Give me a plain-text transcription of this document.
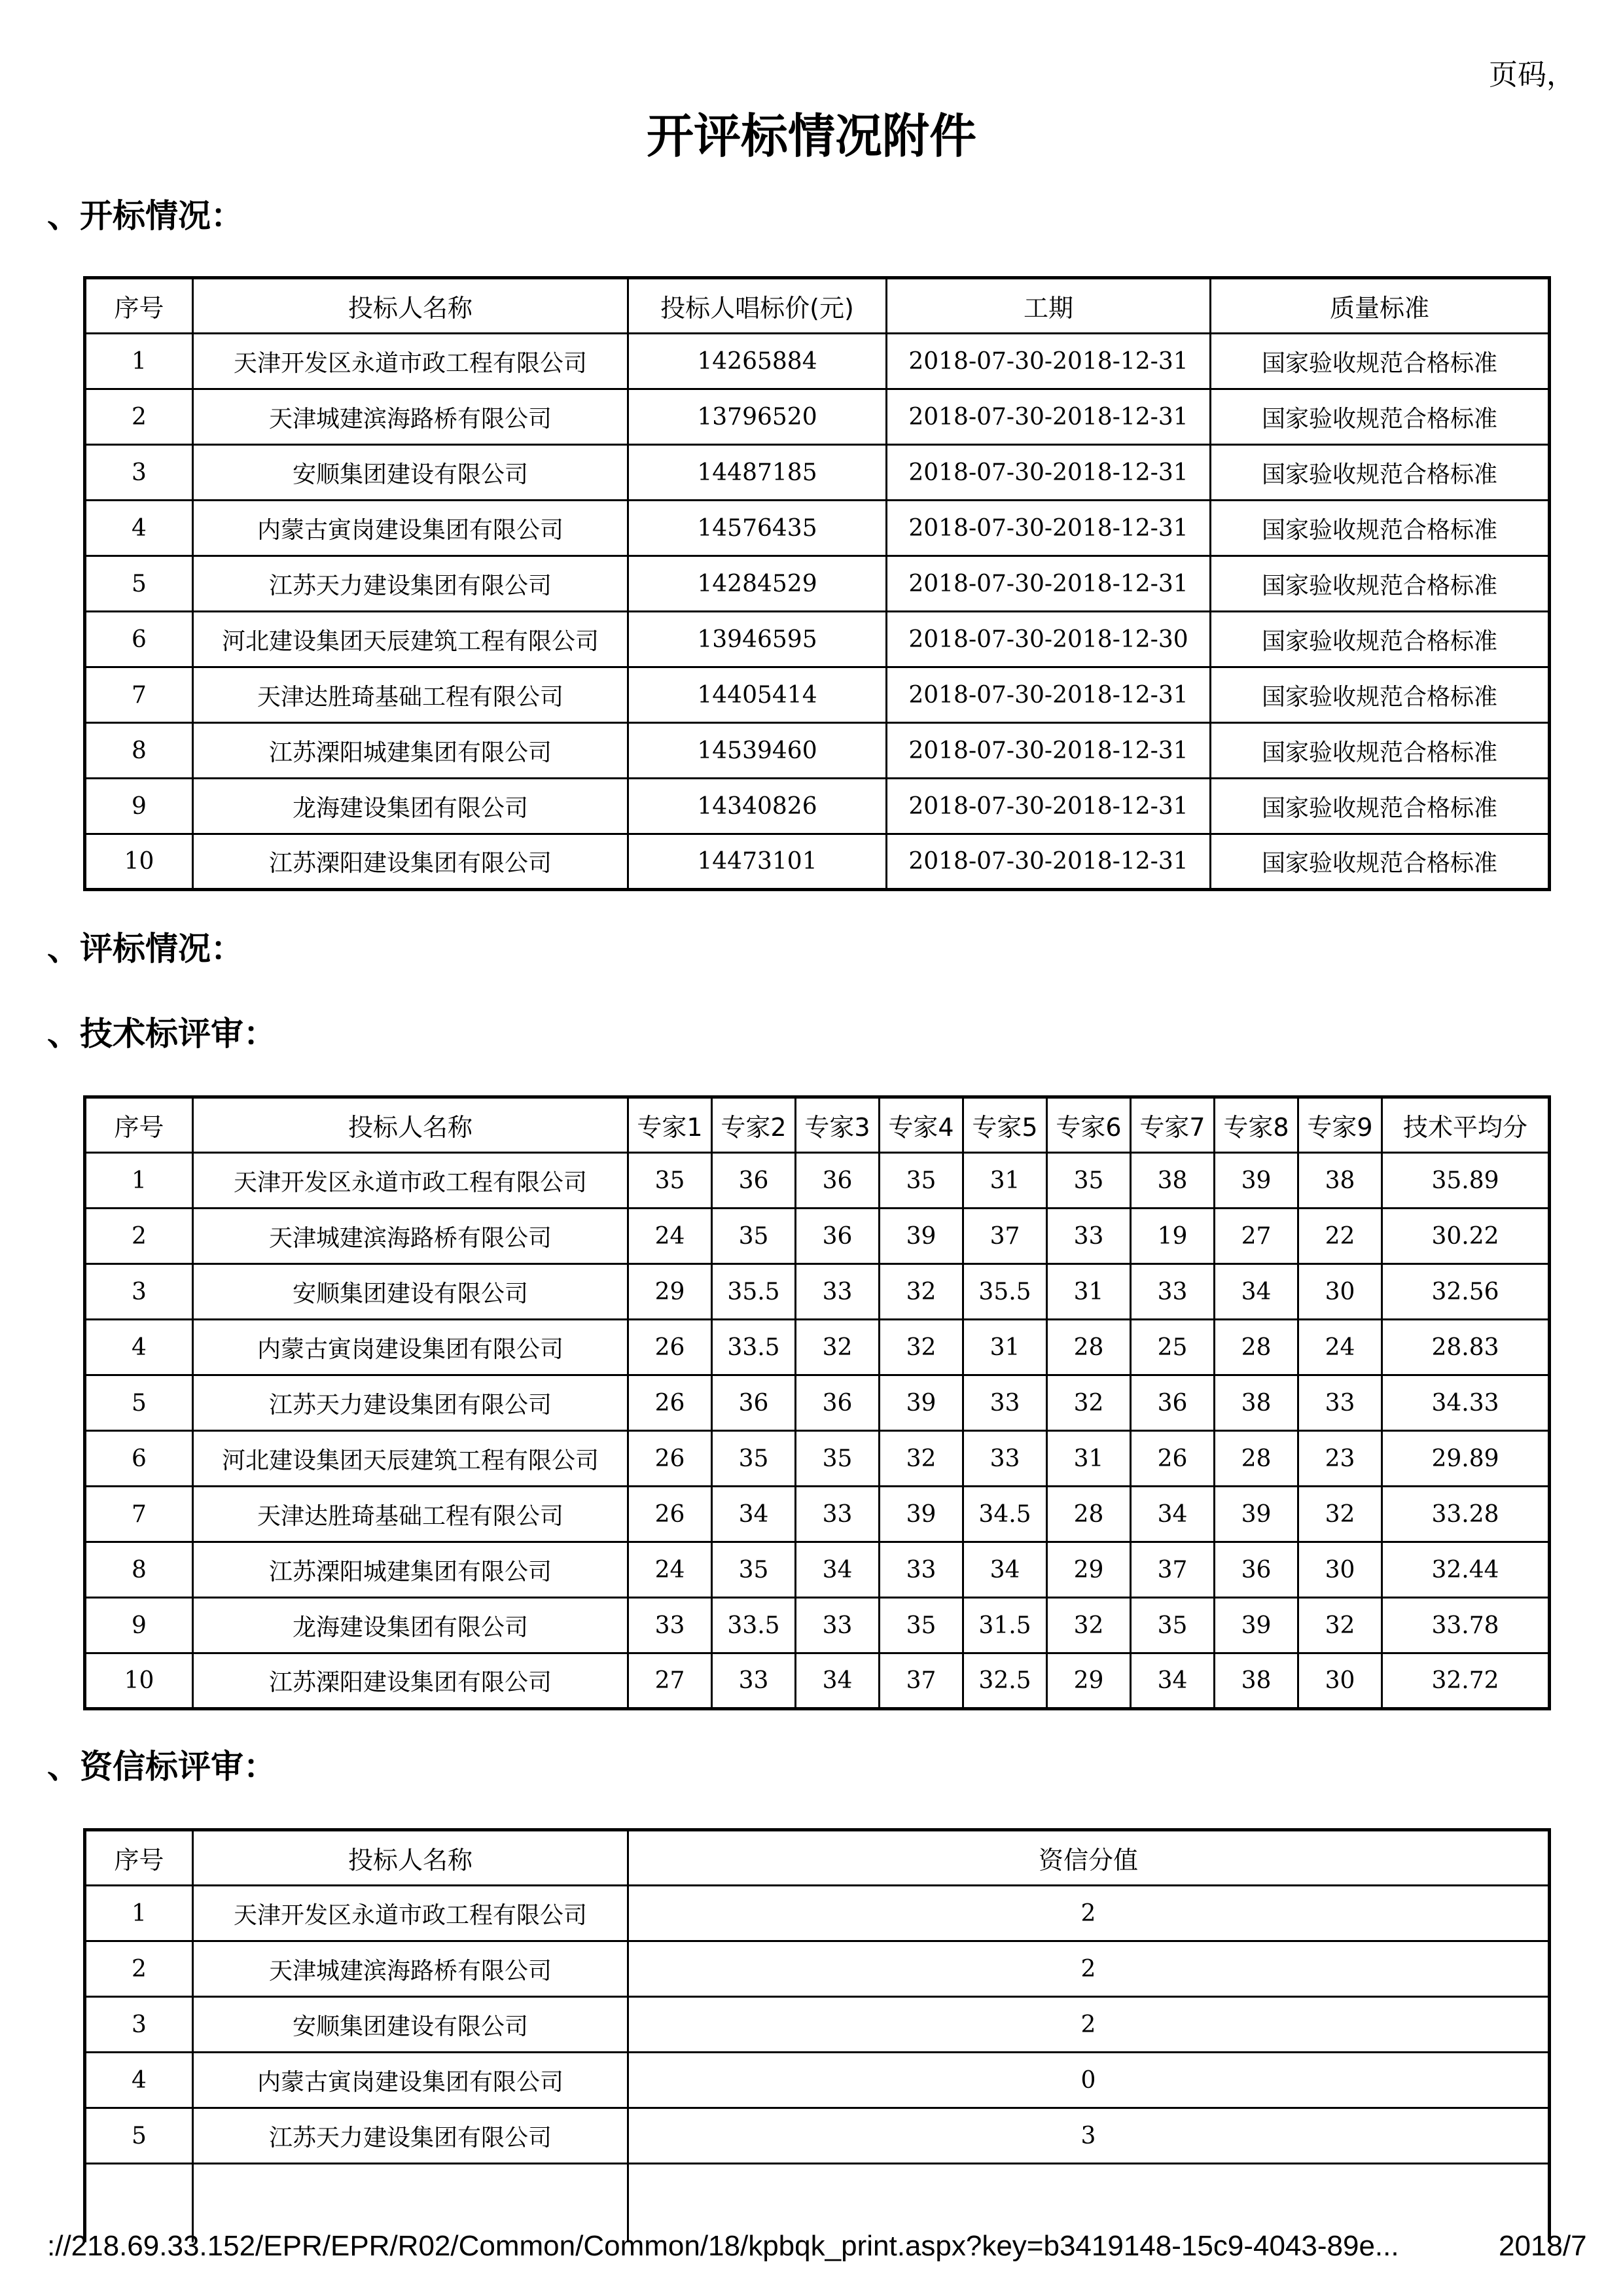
页码，
开评标情况附件
、开标情况：
序号	投标人名称	投标人唱标价(元)	工期	质量标准
1	天津开发区永道市政工程有限公司	14265884	2018-07-30-2018-12-31	国家验收规范合格标准
2	天津城建滨海路桥有限公司	13796520	2018-07-30-2018-12-31	国家验收规范合格标准
3	安顺集团建设有限公司	14487185	2018-07-30-2018-12-31	国家验收规范合格标准
4	内蒙古寅岗建设集团有限公司	14576435	2018-07-30-2018-12-31	国家验收规范合格标准
5	江苏天力建设集团有限公司	14284529	2018-07-30-2018-12-31	国家验收规范合格标准
6	河北建设集团天辰建筑工程有限公司	13946595	2018-07-30-2018-12-30	国家验收规范合格标准
7	天津达胜琦基础工程有限公司	14405414	2018-07-30-2018-12-31	国家验收规范合格标准
8	江苏溧阳城建集团有限公司	14539460	2018-07-30-2018-12-31	国家验收规范合格标准
9	龙海建设集团有限公司	14340826	2018-07-30-2018-12-31	国家验收规范合格标准
10	江苏溧阳建设集团有限公司	14473101	2018-07-30-2018-12-31	国家验收规范合格标准
、评标情况：
、技术标评审：
序号	投标人名称	专家1	专家2	专家3	专家4	专家5	专家6	专家7	专家8	专家9	技术平均分
1	天津开发区永道市政工程有限公司	35	36	36	35	31	35	38	39	38	35.89
2	天津城建滨海路桥有限公司	24	35	36	39	37	33	19	27	22	30.22
3	安顺集团建设有限公司	29	35.5	33	32	35.5	31	33	34	30	32.56
4	内蒙古寅岗建设集团有限公司	26	33.5	32	32	31	28	25	28	24	28.83
5	江苏天力建设集团有限公司	26	36	36	39	33	32	36	38	33	34.33
6	河北建设集团天辰建筑工程有限公司	26	35	35	32	33	31	26	28	23	29.89
7	天津达胜琦基础工程有限公司	26	34	33	39	34.5	28	34	39	32	33.28
8	江苏溧阳城建集团有限公司	24	35	34	33	34	29	37	36	30	32.44
9	龙海建设集团有限公司	33	33.5	33	35	31.5	32	35	39	32	33.78
10	江苏溧阳建设集团有限公司	27	33	34	37	32.5	29	34	38	30	32.72
、资信标评审：
序号	投标人名称	资信分值
1	天津开发区永道市政工程有限公司	2
2	天津城建滨海路桥有限公司	2
3	安顺集团建设有限公司	2
4	内蒙古寅岗建设集团有限公司	0
5	江苏天力建设集团有限公司	3

://218.69.33.152/EPR/EPR/R02/Common/Common/18/kpbqk_print.aspx?key=b3419148-15c9-4043-89e...	2018/7
